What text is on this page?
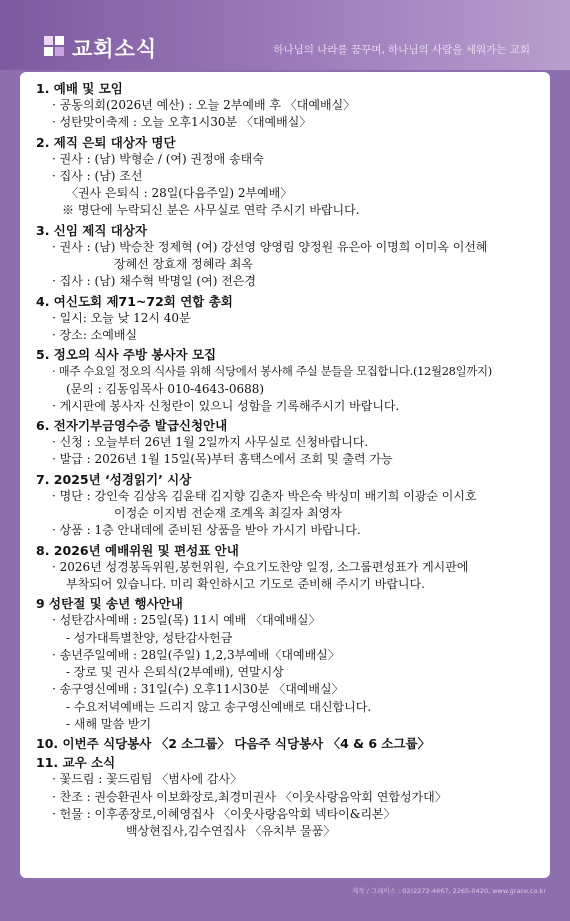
교회소식	하나님의 나라를 꿈꾸며, 하나님의 사람을 세워가는 교회
1. 예배 및 모임
· 공동의회(2026년 예산) : 오늘 2부예배 후 〈대예배실〉
· 성탄맞이축제 : 오늘 오후1시30분 〈대예배실〉
2. 제직 은퇴 대상자 명단
· 권사 : (남) 박형순 / (여) 권정애 송태숙
· 집사 : (남) 조선
〈권사 은퇴식 : 28일(다음주일) 2부예배〉
※ 명단에 누락되신 분은 사무실로 연락 주시기 바랍니다.
3. 신임 제직 대상자
· 권사 : (남) 박승찬 정제혁 (여) 강선영 양영림 양정원 유은아 이명희 이미옥 이선혜
장혜선 장효재 정혜라 최옥
· 집사 : (남) 채수혁 박명일 (여) 전은경
4. 여신도회 제71~72회 연합 총회
· 일시: 오늘 낮 12시 40분
· 장소: 소예배실
5. 정오의 식사 주방 봉사자 모집
· 매주 수요일 정오의 식사를 위해 식당에서 봉사해 주실 분들을 모집합니다.(12월28일까지)
(문의 : 김동임목사 010-4643-0688)
· 게시판에 봉사자 신청란이 있으니 성함을 기록해주시기 바랍니다.
6. 전자기부금영수증 발급신청안내
· 신청 : 오늘부터 26년 1월 2일까지 사무실로 신청바랍니다.
· 발급 : 2026년 1월 15일(목)부터 홈택스에서 조회 및 출력 가능
7. 2025년 ‘성경읽기’ 시상
· 명단 : 강인숙 김상옥 김윤태 김지향 김춘자 박은숙 박싱미 배기희 이광순 이시호
이정순 이지범 전순재 조계옥 최길자 최영자
· 상품 : 1층 안내데에 준비된 상품을 받아 가시기 바랍니다.
8. 2026년 예배위원 및 편성표 안내
· 2026년 성경봉독위원,봉헌위원, 수요기도찬양 일정, 소그룹편성표가 게시판에
부착되어 있습니다. 미리 확인하시고 기도로 준비해 주시기 바랍니다.
9 성탄절 및 송년 행사안내
· 성탄감사예배 : 25일(목) 11시 예배 〈대예배실〉
- 성가대특별찬양, 성탄감사헌금
· 송년주일예배 : 28일(주일) 1,2,3부예배〈대예배실〉
- 장로 및 권사 은퇴식(2부예배), 연말시상
· 송구영신예배 : 31일(수) 오후11시30분 〈대예배실〉
- 수요저녁예배는 드리지 않고 송구영신예배로 대신합니다.
- 새해 말씀 받기
10. 이번주 식당봉사 〈2 소그룹〉 다음주 식당봉사 〈4 & 6 소그룹〉
11. 교우 소식
· 꽃드림 : 꽃드림팀 〈범사에 감사〉
· 찬조 : 권승환권사 이보화장로,최경미권사 〈이웃사랑음악회 연합성가대〉
· 헌물 : 이후종장로,이혜영집사 〈이웃사랑음악회 넥타이&리본〉
백상현집사,김수연집사 〈유치부 물품〉
제작 / 그레이스 : 02)2272-4667, 2265-0420, www.grace.co.kr
